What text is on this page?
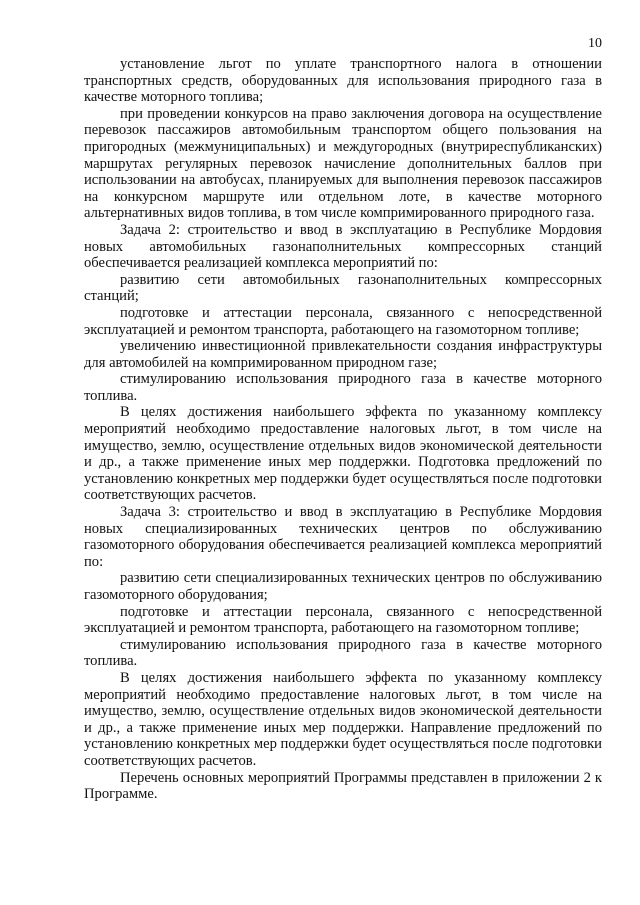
10

установление льгот по уплате транспортного налога в отношении транспортных средств, оборудованных для использования природного газа в качестве моторного топлива;

при проведении конкурсов на право заключения договора на осуществление перевозок пассажиров автомобильным транспортом общего пользования на пригородных (межмуниципальных) и междугородных (внутриреспубликанских) маршрутах регулярных перевозок начисление дополнительных баллов при использовании на автобусах, планируемых для выполнения перевозок пассажиров на конкурсном маршруте или отдельном лоте, в качестве моторного альтернативных видов топлива, в том числе компримированного природного газа.

Задача 2: строительство и ввод в эксплуатацию в Республике Мордовия новых автомобильных газонаполнительных компрессорных станций обеспечивается реализацией комплекса мероприятий по:

развитию сети автомобильных газонаполнительных компрессорных станций;

подготовке и аттестации персонала, связанного с непосредственной эксплуатацией и ремонтом транспорта, работающего на газомоторном топливе;

увеличению инвестиционной привлекательности создания инфраструктуры для автомобилей на компримированном природном газе;

стимулированию использования природного газа в качестве моторного топлива.

В целях достижения наибольшего эффекта по указанному комплексу мероприятий необходимо предоставление налоговых льгот, в том числе на имущество, землю, осуществление отдельных видов экономической деятельности и др., а также применение иных мер поддержки. Подготовка предложений по установлению конкретных мер поддержки будет осуществляться после подготовки соответствующих расчетов.

Задача 3: строительство и ввод в эксплуатацию в Республике Мордовия новых специализированных технических центров по обслуживанию газомоторного оборудования обеспечивается реализацией комплекса мероприятий по:

развитию сети специализированных технических центров по обслуживанию газомоторного оборудования;

подготовке и аттестации персонала, связанного с непосредственной эксплуатацией и ремонтом транспорта, работающего на газомоторном топливе;

стимулированию использования природного газа в качестве моторного топлива.

В целях достижения наибольшего эффекта по указанному комплексу мероприятий необходимо предоставление налоговых льгот, в том числе на имущество, землю, осуществление отдельных видов экономической деятельности и др., а также применение иных мер поддержки. Направление предложений по установлению конкретных мер поддержки будет осуществляться после подготовки соответствующих расчетов.

Перечень основных мероприятий Программы представлен в приложении 2 к Программе.
